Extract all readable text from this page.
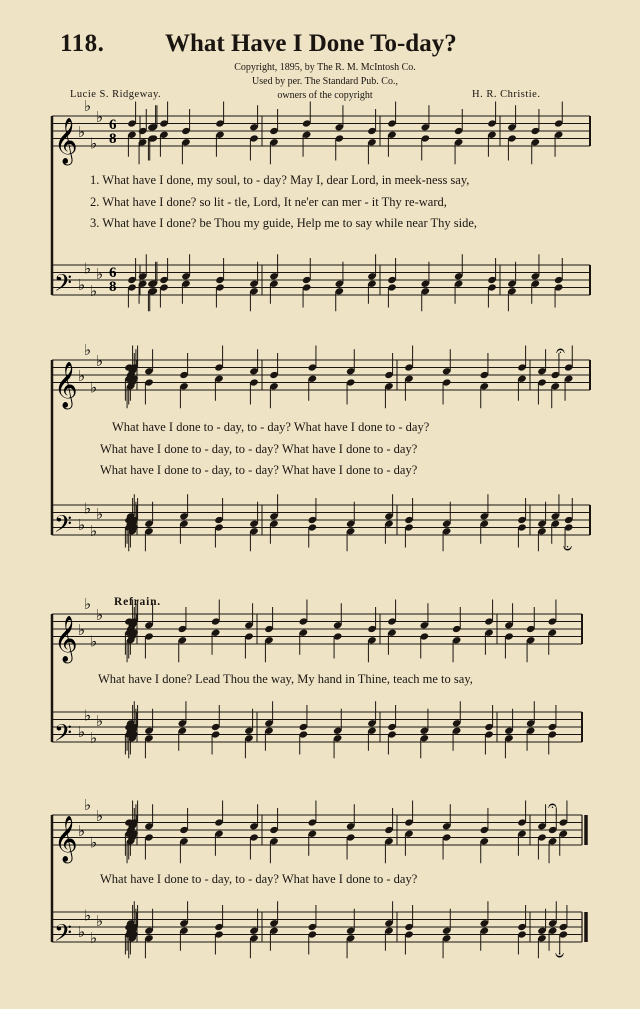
118. What Have I Done To-day?
Copyright, 1895, by The R. M. McIntosh Co.
Used by per. The Standard Pub. Co.,
owners of the copyright
Lucie S. Ridgeway.	H. R. Christie.
Refrain.
1. What have I done, my soul, to - day? May I, dear Lord, in meek-ness say,
2. What have I done? so lit - tle, Lord, It ne'er can mer - it Thy re-ward,
3. What have I done? be Thou my guide, Help me to say while near Thy side,
What have I done to - day, to - day? What have I done to - day?
What have I done to - day, to - day? What have I done to - day?
What have I done to - day, to - day? What have I done to - day?
What have I done? Lead Thou the way, My hand in Thine, teach me to say,
What have I done to - day, to - day? What have I done to - day?
𝄞
𝄢
𝄞
𝄢
𝄞
𝄢
𝄞
𝄢
6
8
6
8
♭
♭
♭
♭
♭
♭
♭
♭
♭
♭
♭
♭
♭
♭
♭
♭
♭
♭
♭
♭
♭
♭
♭
♭
♭
♭
♭
♭
♭
♭
♭
♭
𝄐
𝄐
𝄐
𝄐
